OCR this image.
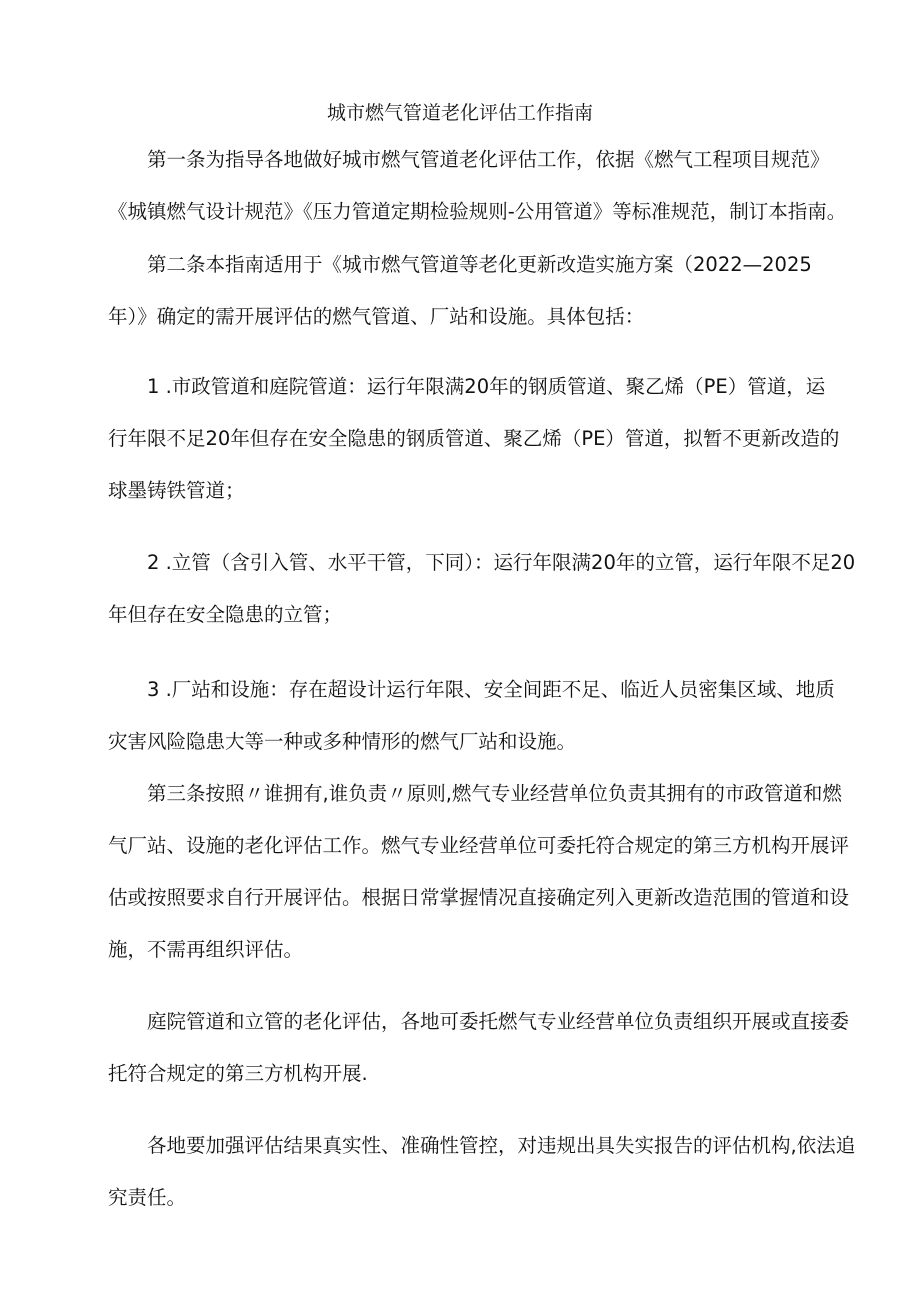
城市燃气管道老化评估工作指南
第一条为指导各地做好城市燃气管道老化评估工作，依据《燃气工程项目规范》
《城镇燃气设计规范》《压力管道定期检验规则-公用管道》等标准规范，制订本指南。
第二条本指南适用于《城市燃气管道等老化更新改造实施方案（2022—2025
年）》确定的需开展评估的燃气管道、厂站和设施。具体包括：
1 .市政管道和庭院管道：运行年限满20年的钢质管道、聚乙烯（PE）管道，运
行年限不足20年但存在安全隐患的钢质管道、聚乙烯（PE）管道，拟暂不更新改造的
球墨铸铁管道；
2 .立管（含引入管、水平干管，下同）：运行年限满20年的立管，运行年限不足20
年但存在安全隐患的立管；
3 .厂站和设施：存在超设计运行年限、安全间距不足、临近人员密集区域、地质
灾害风险隐患大等一种或多种情形的燃气厂站和设施。
第三条按照〃谁拥有,谁负责〃原则,燃气专业经营单位负责其拥有的市政管道和燃
气厂站、设施的老化评估工作。燃气专业经营单位可委托符合规定的第三方机构开展评
估或按照要求自行开展评估。根据日常掌握情况直接确定列入更新改造范围的管道和设
施，不需再组织评估。
庭院管道和立管的老化评估，各地可委托燃气专业经营单位负责组织开展或直接委
托符合规定的第三方机构开展.
各地要加强评估结果真实性、准确性管控，对违规出具失实报告的评估机构,依法追
究责任。
